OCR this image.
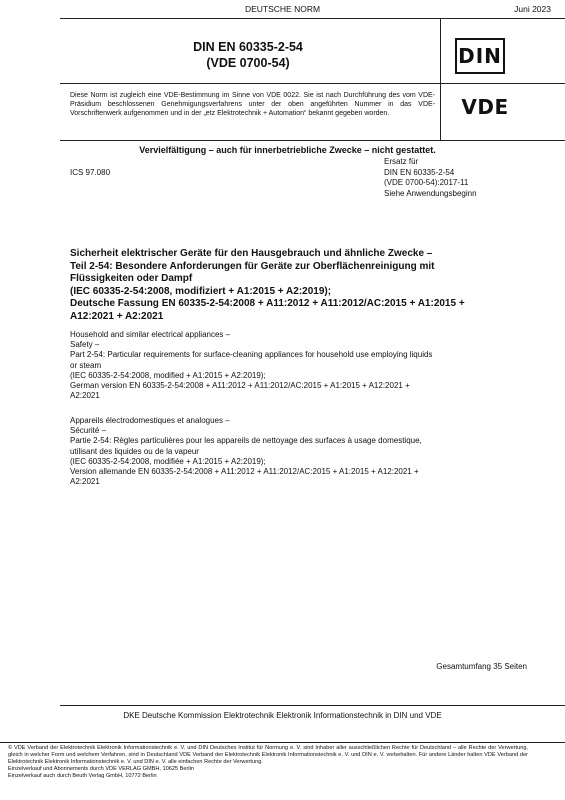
DEUTSCHE NORM	Juni 2023
DIN EN 60335-2-54
(VDE 0700-54)	DIN
Diese Norm ist zugleich eine VDE-Bestimmung im Sinne von VDE 0022. Sie ist nach Durchführung des vom VDE-Präsidium beschlossenen Genehmigungsverfahrens unter der oben angeführten Nummer in das VDE-Vorschriftenwerk aufgenommen und in der „etz Elektrotechnik + Automation“ bekannt gegeben worden.	VDE
Vervielfältigung – auch für innerbetriebliche Zwecke – nicht gestattet.
ICS 97.080
Ersatz für
DIN EN 60335-2-54
(VDE 0700-54):2017-11
Siehe Anwendungsbeginn
Sicherheit elektrischer Geräte für den Hausgebrauch und ähnliche Zwecke –
Teil 2-54: Besondere Anforderungen für Geräte zur Oberflächenreinigung mit
Flüssigkeiten oder Dampf
(IEC 60335-2-54:2008, modifiziert + A1:2015 + A2:2019);
Deutsche Fassung EN 60335-2-54:2008 + A11:2012 + A11:2012/AC:2015 + A1:2015 +
A12:2021 + A2:2021
Household and similar electrical appliances –
Safety –
Part 2-54: Particular requirements for surface-cleaning appliances for household use employing liquids
or steam
(IEC 60335-2-54:2008, modified + A1:2015 + A2:2019);
German version EN 60335-2-54:2008 + A11:2012 + A11:2012/AC:2015 + A1:2015 + A12:2021 +
A2:2021
Appareils électrodomestiques et analogues –
Sécurité –
Partie 2-54: Règles particulières pour les appareils de nettoyage des surfaces à usage domestique,
utilisant des liquides ou de la vapeur
(IEC 60335-2-54:2008, modifiée + A1:2015 + A2:2019);
Version allemande EN 60335-2-54:2008 + A11:2012 + A11:2012/AC:2015 + A1:2015 + A12:2021 +
A2:2021
Gesamtumfang 35 Seiten
DKE Deutsche Kommission Elektrotechnik Elektronik Informationstechnik in DIN und VDE

© VDE Verband der Elektrotechnik Elektronik Informationstechnik e. V. und DIN Deutsches Institut für Normung e. V. sind Inhaber aller ausschließlichen Rechte für Deutschland – alle Rechte der Verwertung, gleich in welcher Form und welchem Verfahren, sind in Deutschland VDE Verband der Elektrotechnik Elektronik Informationstechnik e. V. und DIN e. V. vorbehalten. Für andere Länder halten VDE Verband der Elektrotechnik Elektronik Informationstechnik e. V. und DIN e. V. alle einfachen Rechte der Verwertung.

Einzelverkauf und Abonnements durch VDE VERLAG GMBH, 10625 Berlin

Einzelverkauf auch durch Beuth Verlag GmbH, 10772 Berlin
